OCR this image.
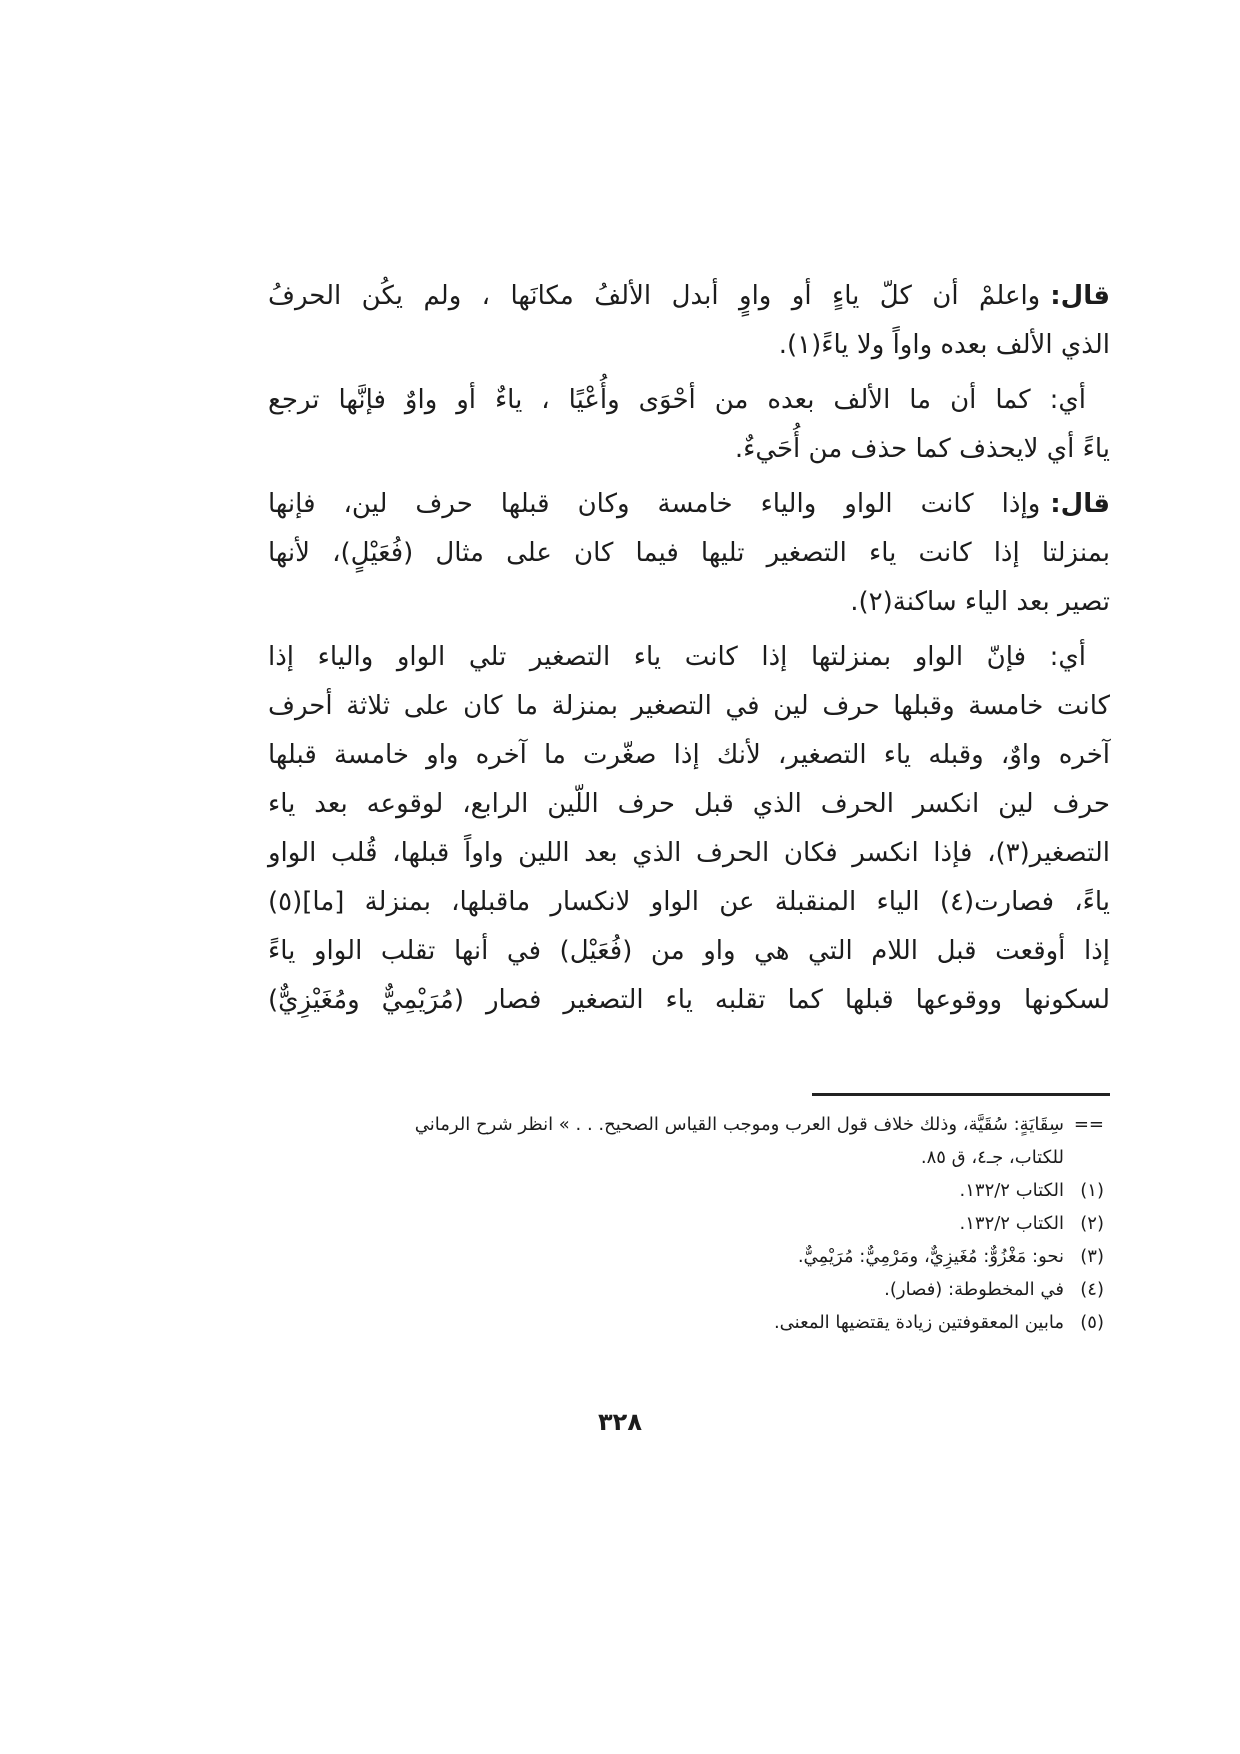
قال:واعلمْ أن كلّ ياءٍ أو واوٍ أبدل الألفُ مكانَها ، ولم يكُن الحرفُ
الذي الألف بعده واواً ولا ياءً(١).
أي: كما أن ما الألف بعده من أحْوَى وأُعْيًا ، ياءٌ أو واوٌ فإنَّها ترجع
ياءً أي لايحذف كما حذف من أُحَيءٌ.
قال:وإذا كانت الواو والياء خامسة وكان قبلها حرف لين، فإنها
بمنزلتا إذا كانت ياء التصغير تليها فيما كان على مثال (فُعَيْلٍ)، لأنها
تصير بعد الياء ساكنة(٢).
أي: فإنّ الواو بمنزلتها إذا كانت ياء التصغير تلي الواو والياء إذا
كانت خامسة وقبلها حرف لين في التصغير بمنزلة ما كان على ثلاثة أحرف
آخره واوٌ، وقبله ياء التصغير، لأنك إذا صغّرت ما آخره واو خامسة قبلها
حرف لين انكسر الحرف الذي قبل حرف اللّين الرابع، لوقوعه بعد ياء
التصغير(٣)، فإذا انكسر فكان الحرف الذي بعد اللين واواً قبلها، قُلب الواو
ياءً، فصارت(٤) الياء المنقبلة عن الواو لانكسار ماقبلها، بمنزلة [ما](٥)
إذا أوقعت قبل اللام التي هي واو من (فُعَيْل) في أنها تقلب الواو ياءً
لسكونها ووقوعها قبلها كما تقلبه ياء التصغير فصار (مُرَيْمِيٌّ ومُغَيْزِيٌّ)
==
سِقَايَةٍ: سُقَيَّة، وذلك خلاف قول العرب وموجب القياس الصحيح. . . » انظر شرح الرماني
للكتاب، جـ٤، ق ٨٥.
(١)
الكتاب ١٣٢/٢.
(٢)
الكتاب ١٣٢/٢.
(٣)
نحو: مَغْزُوٌّ: مُغَيزِيٌّ، ومَرْمِيٌّ: مُرَيْمِيٌّ.
(٤)
في المخطوطة: (فصار).
(٥)
مابين المعقوفتين زيادة يقتضيها المعنى.
٣٢٨
